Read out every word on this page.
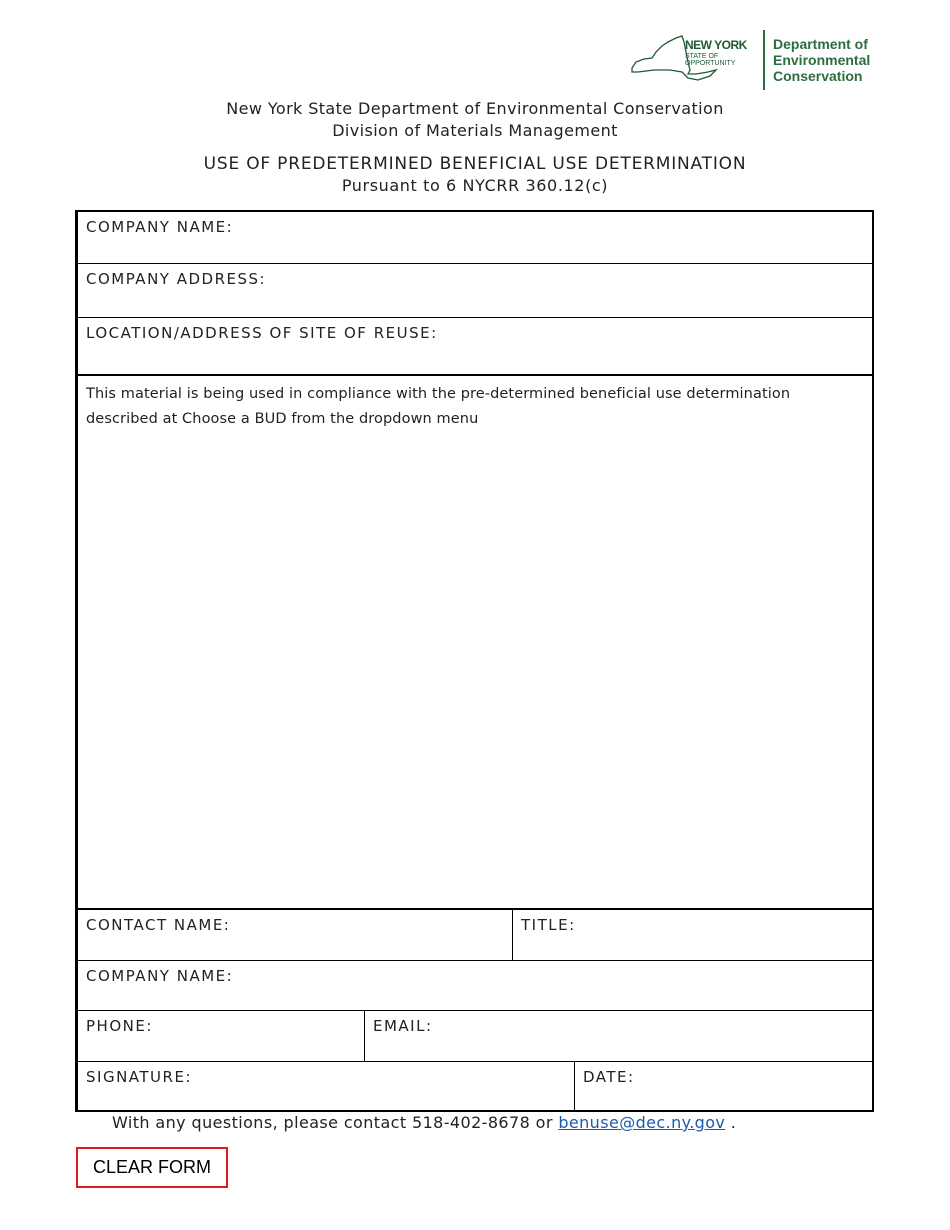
NEW YORK
STATE OF
OPPORTUNITY
Department of
Environmental
Conservation
New York State Department of Environmental Conservation
Division of Materials Management
USE OF PREDETERMINED BENEFICIAL USE DETERMINATION
Pursuant to 6 NYCRR 360.12(c)
COMPANY NAME:
COMPANY ADDRESS:
LOCATION/ADDRESS OF SITE OF REUSE:
This material is being used in compliance with the pre-determined beneficial use determination described at Choose a BUD from the dropdown menu
CONTACT NAME:	TITLE:
COMPANY NAME:
PHONE:	EMAIL:
SIGNATURE:	DATE:
With any questions, please contact 518-402-8678 or benuse@dec.ny.gov .
CLEAR FORM
